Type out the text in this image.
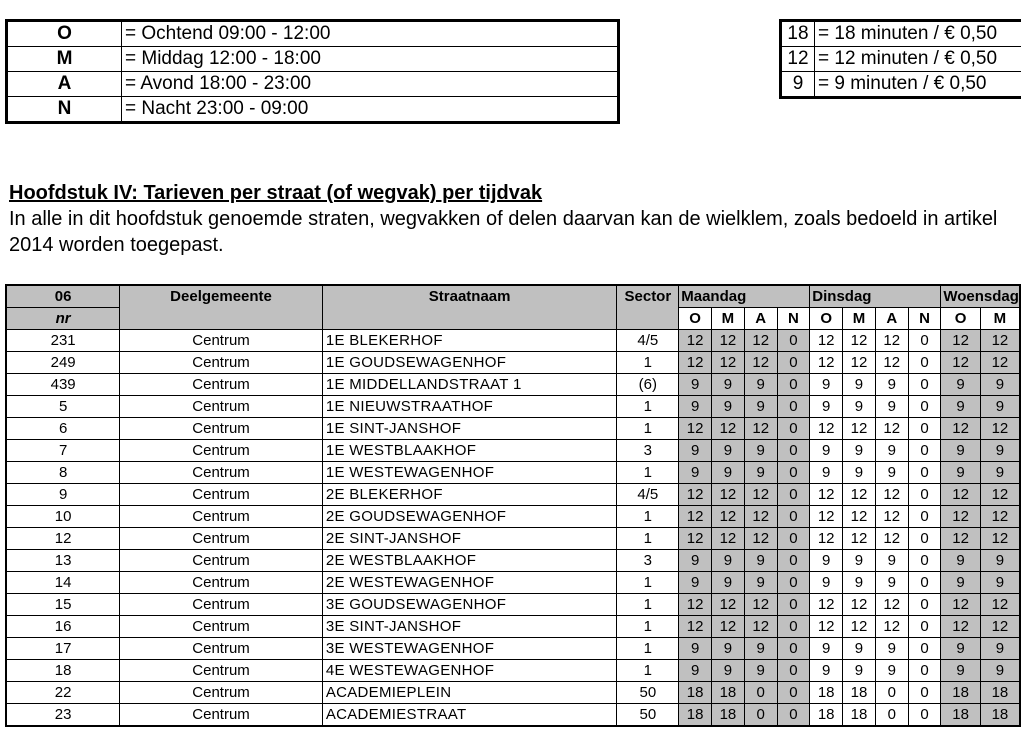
O	= Ochtend 09:00 - 12:00
M	= Middag 12:00 - 18:00
A	= Avond 18:00 - 23:00
N	= Nacht 23:00 - 09:00
18	= 18 minuten / € 0,50
12	= 12 minuten / € 0,50
9	= 9 minuten / € 0,50
Hoofdstuk IV: Tarieven per straat (of wegvak) per tijdvak

In alle in dit hoofdstuk genoemde straten, wegvakken of delen daarvan kan de wielklem, zoals bedoeld in artikel
2014 worden toegepast.

06	Deelgemeente	Straatnaam	Sector	Maandag				Dinsdag				Woensdag	
nr				O	M	A	N	O	M	A	N	O	M
231	Centrum	1E BLEKERHOF	4/5	12	12	12	0	12	12	12	0	12	12
249	Centrum	1E GOUDSEWAGENHOF	1	12	12	12	0	12	12	12	0	12	12
439	Centrum	1E MIDDELLANDSTRAAT 1	(6)	9	9	9	0	9	9	9	0	9	9
5	Centrum	1E NIEUWSTRAATHOF	1	9	9	9	0	9	9	9	0	9	9
6	Centrum	1E SINT-JANSHOF	1	12	12	12	0	12	12	12	0	12	12
7	Centrum	1E WESTBLAAKHOF	3	9	9	9	0	9	9	9	0	9	9
8	Centrum	1E WESTEWAGENHOF	1	9	9	9	0	9	9	9	0	9	9
9	Centrum	2E BLEKERHOF	4/5	12	12	12	0	12	12	12	0	12	12
10	Centrum	2E GOUDSEWAGENHOF	1	12	12	12	0	12	12	12	0	12	12
12	Centrum	2E SINT-JANSHOF	1	12	12	12	0	12	12	12	0	12	12
13	Centrum	2E WESTBLAAKHOF	3	9	9	9	0	9	9	9	0	9	9
14	Centrum	2E WESTEWAGENHOF	1	9	9	9	0	9	9	9	0	9	9
15	Centrum	3E GOUDSEWAGENHOF	1	12	12	12	0	12	12	12	0	12	12
16	Centrum	3E SINT-JANSHOF	1	12	12	12	0	12	12	12	0	12	12
17	Centrum	3E WESTEWAGENHOF	1	9	9	9	0	9	9	9	0	9	9
18	Centrum	4E WESTEWAGENHOF	1	9	9	9	0	9	9	9	0	9	9
22	Centrum	ACADEMIEPLEIN	50	18	18	0	0	18	18	0	0	18	18
23	Centrum	ACADEMIESTRAAT	50	18	18	0	0	18	18	0	0	18	18
